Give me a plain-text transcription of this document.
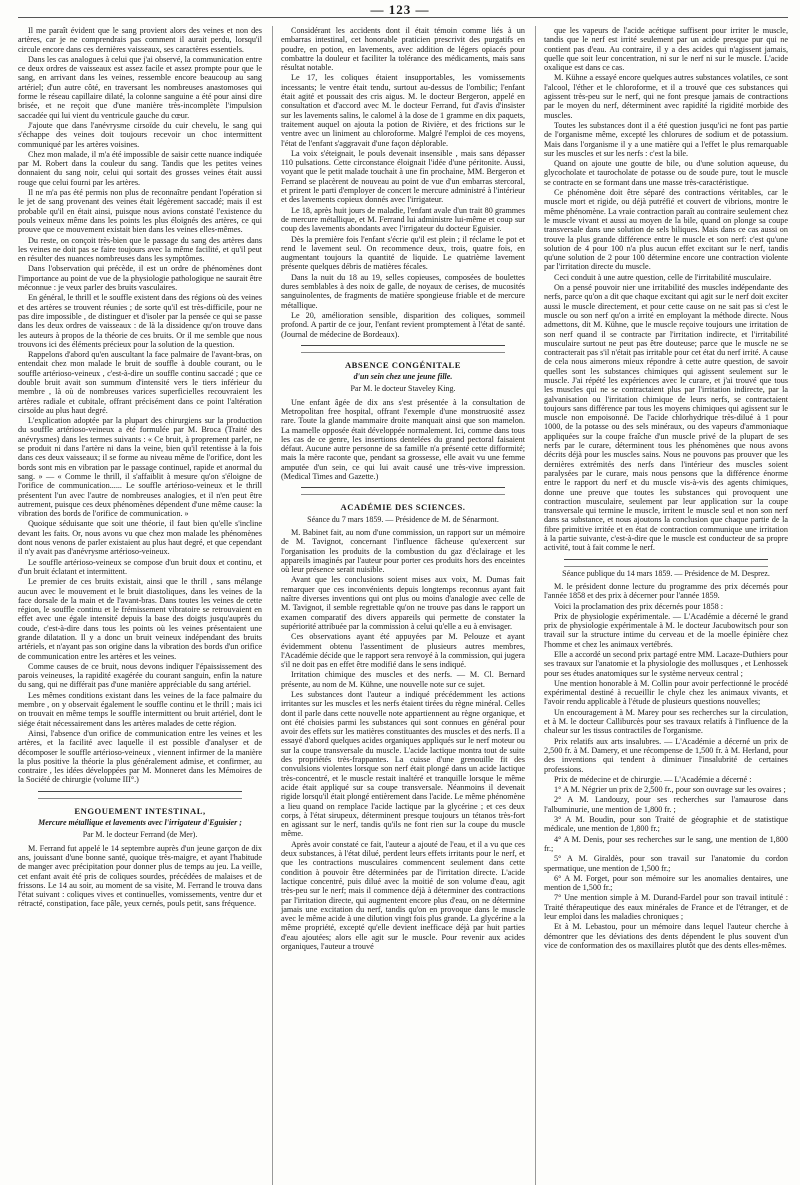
— 123 —

Il me paraît évident que le sang provient alors des veines et non des artères, car je ne comprendrais pas comment il aurait perdu, lorsqu'il circule encore dans ces dernières vaisseaux, ses caractères essentiels.

Dans les cas analogues à celui que j'ai observé, la communication entre ce deux ordres de vaisseaux est assez facile et assez prompte pour que le sang, en arrivant dans les veines, ressemble encore beaucoup au sang artériel; d'un autre côté, en traversant les nombreuses anastomoses qui forme le réseau capillaire dilaté, la colonne sanguine a été pour ainsi dire brisée, et ne reçoit que d'une manière très-incomplète l'impulsion saccadée qui lui vient du ventricule gauche du cœur.

J'ajoute que dans l'anévrysme cirsoïde du cuir chevelu, le sang qui s'échappe des veines doit toujours recevoir un choc intermittent communiqué par les artères voisines.

Chez mon malade, il m'a été impossible de saisir cette nuance indiquée par M. Robert dans la couleur du sang. Tandis que les petites veines donnaient du sang noir, celui qui sortait des grosses veines était aussi rouge que celui fourni par les artères.

Il ne m'a pas été permis non plus de reconnaître pendant l'opération si le jet de sang provenant des veines était légèrement saccadé; mais il est probable qu'il en était ainsi, puisque nous avions constaté l'existence du pouls veineux même dans les points les plus éloignés des artères, ce qui prouve que ce mouvement existait bien dans les veines elles-mêmes.

Du reste, on conçoit très-bien que le passage du sang des artères dans les veines ne doit pas se faire toujours avec la même facilité, et qu'il peut en résulter des nuances nombreuses dans les symptômes.

Dans l'observation qui précède, il est un ordre de phénomènes dont l'importance au point de vue de la physiologie pathologique ne saurait être méconnue : je veux parler des bruits vasculaires.

En général, le thrill et le souffle existent dans des régions où des veines et des artères se trouvent réunies ; de sorte qu'il est très-difficile, pour ne pas dire impossible , de distinguer et d'isoler par la pensée ce qui se passe dans les deux ordres de vaisseaux : de là la dissidence qu'on trouve dans les auteurs à propos de la théorie de ces bruits. Or il me semble que nous trouvons ici des éléments précieux pour la solution de la question.

Rappelons d'abord qu'en auscultant la face palmaire de l'avant-bras, on entendait chez mon malade le bruit de souffle à double courant, ou le souffle artérioso-veineux , c'est-à-dire un souffle continu saccadé ; que ce double bruit avait son summum d'intensité vers le tiers inférieur du membre , là où de nombreuses varices superficielles recouvraient les artères radiale et cubitale, offrant précisément dans ce point l'altération cirsoïde au plus haut degré.

L'explication adoptée par la plupart des chirurgiens sur la production du souffle artérioso-veineux a été formulée par M. Broca (Traité des anévrysmes) dans les termes suivants : « Ce bruit, à proprement parler, ne se produit ni dans l'artère ni dans la veine, bien qu'il retentisse à la fois dans ces deux vaisseaux; il se forme au niveau même de l'orifice, dont les bords sont mis en vibration par le passage continuel, rapide et anormal du sang. » — « Comme le thrill, il s'affaiblit à mesure qu'on s'éloigne de l'orifice de communication...... Le souffle artérioso-veineux et le thrill présentent l'un avec l'autre de nombreuses analogies, et il n'en peut être autrement, puisque ces deux phénomènes dépendent d'une même cause: la vibration des bords de l'orifice de communication. »

Quoique séduisante que soit une théorie, il faut bien qu'elle s'incline devant les faits. Or, nous avons vu que chez mon malade les phénomènes dont nous venons de parler existaient au plus haut degré, et que cependant il n'y avait pas d'anévrysme artérioso-veineux.

Le souffle artérioso-veineux se compose d'un bruit doux et continu, et d'un bruit éclatant et intermittent.

Le premier de ces bruits existait, ainsi que le thrill , sans mélange aucun avec le mouvement et le bruit diastoliques, dans les veines de la face dorsale de la main et de l'avant-bras. Dans toutes les veines de cette région, le souffle continu et le frémissement vibratoire se retrouvaient en effet avec une égale intensité depuis la base des doigts jusqu'auprès du coude, c'est-à-dire dans tous les points où les veines présentaient une grande dilatation. Il y a donc un bruit veineux indépendant des bruits artériels, et n'ayant pas son origine dans la vibration des bords d'un orifice de communication entre les artères et les veines.

Comme causes de ce bruit, nous devons indiquer l'épaississement des parois veineuses, la rapidité exagérée du courant sanguin, enfin la nature du sang, qui ne différait pas d'une manière appréciable du sang artériel.

Les mêmes conditions existant dans les veines de la face palmaire du membre , on y observait également le souffle continu et le thrill ; mais ici on trouvait en même temps le souffle intermittent ou bruit artériel, dont le siége était nécessairement dans les artères malades de cette région.

Ainsi, l'absence d'un orifice de communication entre les veines et les artères, et la facilité avec laquelle il est possible d'analyser et de décomposer le souffle artérioso-veineux , viennent infirmer de la manière la plus positive la théorie la plus généralement admise, et confirmer, au contraire , les idées développées par M. Monneret dans les Mémoires de la Société de chirurgie (volume III°.)

ENGOUEMENT INTESTINAL,
Mercure métallique et lavements avec l'irrigateur d'Eguisier ;
Par M. le docteur Ferrand (de Mer).

M. Ferrand fut appelé le 14 septembre auprès d'un jeune garçon de dix ans, jouissant d'une bonne santé, quoique très-maigre, et ayant l'habitude de manger avec précipitation pour donner plus de temps au jeu. La veille, cet enfant avait été pris de coliques sourdes, précédées de malaises et de frissons. Le 14 au soir, au moment de sa visite, M. Ferrand le trouva dans l'état suivant : coliques vives et continuelles, vomissements, ventre dur et rétracté, constipation, face pâle, yeux cernés, pouls petit, sans fréquence.

Considérant les accidents dont il était témoin comme liés à un embarras intestinal, cet honorable praticien prescrivit des purgatifs en poudre, en potion, en lavements, avec addition de légers opiacés pour combattre la douleur et faciliter la tolérance des médicaments, mais sans résultat notable.

Le 17, les coliques étaient insupportables, les vomissements incessants; le ventre était tendu, surtout au-dessus de l'ombilic; l'enfant était agité et poussait des cris aigus. M. le docteur Bergeron, appelé en consultation et d'accord avec M. le docteur Ferrand, fut d'avis d'insister sur les lavements salins, le calomel à la dose de 1 gramme en dix paquets, traitement auquel on ajouta la potion de Rivière, et des frictions sur le ventre avec un liniment au chloroforme. Malgré l'emploi de ces moyens, l'état de l'enfant s'aggravait d'une façon déplorable.

La voix s'éteignait, le pouls devenait insensible , mais sans dépasser 110 pulsations. Cette circonstance éloignait l'idée d'une péritonite. Aussi, voyant que le petit malade touchait à une fin prochaine, MM. Bergeron et Ferrand se placèrent de nouveau au point de vue d'un embarras stercoral, et prirent le parti d'employer de concert le mercure administré à l'intérieur et des lavements copieux donnés avec l'irrigateur.

Le 18, après huit jours de maladie, l'enfant avale d'un trait 80 grammes de mercure métallique, et M. Ferrand lui administre lui-même et coup sur coup des lavements abondants avec l'irrigateur du docteur Eguisier.

Dès la première fois l'enfant s'écrie qu'il est plein ; il réclame le pot et rend le lavement seul. On recommence deux, trois, quatre fois, en augmentant toujours la quantité de liquide. Le quatrième lavement présente quelques débris de matières fécales.

Dans la nuit du 18 au 19, selles copieuses, composées de boulettes dures semblables à des noix de galle, de noyaux de cerises, de mucosités sanguinolentes, de fragments de matière spongieuse friable et de mercure métallique.

Le 20, amélioration sensible, disparition des coliques, sommeil profond. A partir de ce jour, l'enfant revient promptement à l'état de santé. (Journal de médecine de Bordeaux).

ABSENCE CONGÉNITALE
d'un sein chez une jeune fille.
Par M. le docteur Staveley King.

Une enfant âgée de dix ans s'est présentée à la consultation de Metropolitan free hospital, offrant l'exemple d'une monstruosité assez rare. Toute la glande mammaire droite manquait ainsi que son mamelon. La mamelle opposée était développée normalement. Ici, comme dans tous les cas de ce genre, les insertions dentelées du grand pectoral faisaient défaut. Aucune autre personne de sa famille n'a présenté cette difformité; mais la mère raconte que, pendant sa grossesse, elle avait vu une femme amputée d'un sein, ce qui lui avait causé une très-vive impression. (Medical Times and Gazette.)

ACADÉMIE DES SCIENCES.
Séance du 7 mars 1859. — Présidence de M. de Sénarmont.

M. Babinet fait, au nom d'une commission, un rapport sur un mémoire de M. Tavignot, concernant l'influence fâcheuse qu'exercent sur l'organisation les produits de la combustion du gaz d'éclairage et les appareils imaginés par l'auteur pour porter ces produits hors des enceintes où leur présence serait nuisible.

Avant que les conclusions soient mises aux voix, M. Dumas fait remarquer que ces inconvénients depuis longtemps reconnus ayant fait naître diverses inventions qui ont plus ou moins d'analogie avec celle de M. Tavignot, il semble regrettable qu'on ne trouve pas dans le rapport un examen comparatif des divers appareils qui permette de constater la supériorité attribuée par la commission à celui qu'elle a eu à envisager.

Ces observations ayant été appuyées par M. Pelouze et ayant évidemment obtenu l'assentiment de plusieurs autres membres, l'Académie décide que le rapport sera renvoyé à la commission, qui jugera s'il ne doit pas en effet être modifié dans le sens indiqué.

Irritation chimique des muscles et des nerfs. — M. Cl. Bernard présente, au nom de M. Kühne, une nouvelle note sur ce sujet.

Les substances dont l'auteur a indiqué précédemment les actions irritantes sur les muscles et les nerfs étaient tirées du règne minéral. Celles dont il parle dans cette nouvelle note appartiennent au règne organique, et ont été choisies parmi les substances qui sont connues en général pour avoir des effets sur les matières constituantes des muscles et des nerfs. Il a essayé d'abord quelques acides organiques appliqués sur le nerf moteur ou sur la coupe transversale du muscle. L'acide lactique montra tout de suite des propriétés très-frappantes. La cuisse d'une grenouille fit des convulsions violentes lorsque son nerf était plongé dans un acide lactique très-concentré, et le muscle restait inaltéré et tranquille lorsque le même acide était appliqué sur sa coupe transversale. Néanmoins il devenait rigide lorsqu'il était plongé entièrement dans l'acide. Le même phénomène a lieu quand on remplace l'acide lactique par la glycérine ; et ces deux corps, à l'état sirupeux, déterminent presque toujours un tétanos très-fort en agissant sur le nerf, tandis qu'ils ne font rien sur la coupe du muscle même.

Après avoir constaté ce fait, l'auteur a ajouté de l'eau, et il a vu que ces deux substances, à l'état dilué, perdent leurs effets irritants pour le nerf, et que les contractions musculaires commencent seulement dans cette condition à pouvoir être déterminées par de l'irritation directe. L'acide lactique concentré, puis dilué avec la moitié de son volume d'eau, agit très-peu sur le nerf; mais il commence déjà à déterminer des contractions par l'irritation directe, qui augmentent encore plus d'eau, on ne détermine jamais une excitation du nerf, tandis qu'on en provoque dans le muscle avec le même acide à une dilution vingt fois plus grande. La glycérine a la même propriété, excepté qu'elle devient inefficace déjà par huit parties d'eau ajoutées; alors elle agit sur le muscle. Pour revenir aux acides organiques, l'auteur a trouvé

que les vapeurs de l'acide acétique suffisent pour irriter le muscle, tandis que le nerf est irrité seulement par un acide presque pur qui ne contient pas d'eau. Au contraire, il y a des acides qui n'agissent jamais, quelle que soit leur concentration, ni sur le nerf ni sur le muscle. L'acide oxalique est dans ce cas.

M. Kühne a essayé encore quelques autres substances volatiles, ce sont l'alcool, l'éther et le chloroforme, et il a trouvé que ces substances qui agissent très-peu sur le nerf, qui ne font presque jamais de contractions par le moyen du nerf, déterminent avec rapidité la rigidité morbide des muscles.

Toutes les substances dont il a été question jusqu'ici ne font pas partie de l'organisme même, excepté les chlorures de sodium et de potassium. Mais dans l'organisme il y a une matière qui a l'effet le plus remarquable sur les muscles et sur les nerfs : c'est la bile.

Quand on ajoute une goutte de bile, ou d'une solution aqueuse, du glycocholate et taurocholate de potasse ou de soude pure, tout le muscle se contracte en se formant dans une masse très-caractéristique.

Ce phénomène doit être séparé des contractions véritables, car le muscle mort et rigide, ou déjà putréfié et couvert de vibrions, montre le même phénomène. La vraie contraction paraît au contraire seulement chez le muscle vivant et aussi au moyen de la bile, quand on plonge sa coupe transversale dans une solution de sels biliques. Mais dans ce cas aussi on trouve la plus grande différence entre le muscle et son nerf: c'est qu'une solution de 4 pour 100 n'a plus aucun effet excitant sur le nerf, tandis qu'une solution de 2 pour 100 détermine encore une contraction violente par l'irritation directe du muscle.

Ceci conduit à une autre question, celle de l'irritabilité musculaire.

On a pensé pouvoir nier une irritabilité des muscles indépendante des nerfs, parce qu'on a dit que chaque excitant qui agit sur le nerf doit exciter aussi le muscle directement, et pour cette cause on ne sait pas si c'est le muscle ou son nerf qu'on a irrité en employant la méthode directe. Nous admettons, dit M. Kühne, que le muscle reçoive toujours une irritation de son nerf quand il se contracte par l'irritation indirecte, et l'irritabilité musculaire surtout ne peut pas être douteuse; parce que le muscle ne se contracterait pas s'il n'était pas irritable pour cet état du nerf irrité. A cause de cela nous aimerons mieux répondre à cette autre question, de savoir quelles sont les substances chimiques qui agissent seulement sur le muscle. J'ai répété les expériences avec le curare, et j'ai trouvé que tous les muscles qui ne se contractaient plus par l'irritation indirecte, par la galvanisation ou l'irritation chimique de leurs nerfs, se contractaient toujours sans différence par tous les moyens chimiques qui agissent sur le muscle non empoisonné. De l'acide chlorhydrique très-dilué à 1 pour 1000, de la potasse ou des sels minéraux, ou des vapeurs d'ammoniaque appliquées sur la coupe fraîche d'un muscle privé de la plupart de ses nerfs par le curare, déterminent tous les phénomènes que nous avons décrits déjà pour les muscles sains. Nous ne pouvons pas prouver que les dernières extrémités des nerfs dans l'intérieur des muscles soient paralysées par le curare, mais nous pensons que la différence énorme entre le rapport du nerf et du muscle vis-à-vis des agents chimiques, donne une preuve que toutes les substances qui provoquent une contraction musculaire, seulement par leur application sur la coupe transversale qui termine le muscle, irritent le muscle seul et non son nerf dans sa substance, et nous ajoutons la conclusion que chaque partie de la fibre primitive irritée et en état de contraction communique une irritation à la partie suivante, c'est-à-dire que le muscle est conducteur de sa propre activité, tout à fait comme le nerf.

Séance publique du 14 mars 1859. — Présidence de M. Desprez.

M. le président donne lecture du programme des prix décernés pour l'année 1858 et des prix à décerner pour l'année 1859.

Voici la proclamation des prix décernés pour 1858 :

Prix de physiologie expérimentale. — L'Académie a décerné le grand prix de physiologie expérimentale à M. le docteur Jacubowitsch pour son travail sur la structure intime du cerveau et de la moelle épinière chez l'homme et chez les animaux vertébrés.

Elle a accordé un second prix partagé entre MM. Lacaze-Duthiers pour ses travaux sur l'anatomie et la physiologie des mollusques , et Lenhossek pour ses études anatomiques sur le système nerveux central ;

Une mention honorable à M. Collin pour avoir perfectionné le procédé expérimental destiné à recueillir le chyle chez les animaux vivants, et l'avoir rendu applicable à l'étude de plusieurs questions nouvelles;

Un encouragement à M. Marey pour ses recherches sur la circulation, et à M. le docteur Calliburcès pour ses travaux relatifs à l'influence de la chaleur sur les tissus contractiles de l'organisme.

Prix relatifs aux arts insalubres. — L'Académie a décerné un prix de 2,500 fr. à M. Damery, et une récompense de 1,500 fr. à M. Herland, pour des inventions qui tendent à diminuer l'insalubrité de certaines professions.

Prix de médecine et de chirurgie. — L'Académie a décerné :

1° A M. Négrier un prix de 2,500 fr., pour son ouvrage sur les ovaires ;

2° A M. Landouzy, pour ses recherches sur l'amaurose dans l'albuminurie, une mention de 1,800 fr. ;

3° A M. Boudin, pour son Traité de géographie et de statistique médicale, une mention de 1,800 fr.;

4° A M. Denis, pour ses recherches sur le sang, une mention de 1,800 fr.;

5° A M. Giraldès, pour son travail sur l'anatomie du cordon spermatique, une mention de 1,500 fr.;

6° A M. Forget, pour son mémoire sur les anomalies dentaires, une mention de 1,500 fr.;

7° Une mention simple à M. Durand-Fardel pour son travail intitulé : Traité thérapeutique des eaux minérales de France et de l'étranger, et de leur emploi dans les maladies chroniques ;

Et à M. Lebastou, pour un mémoire dans lequel l'auteur cherche à démontrer que les déviations des dents dépendent le plus souvent d'un vice de conformation des os maxillaires plutôt que des dents elles-mêmes.
